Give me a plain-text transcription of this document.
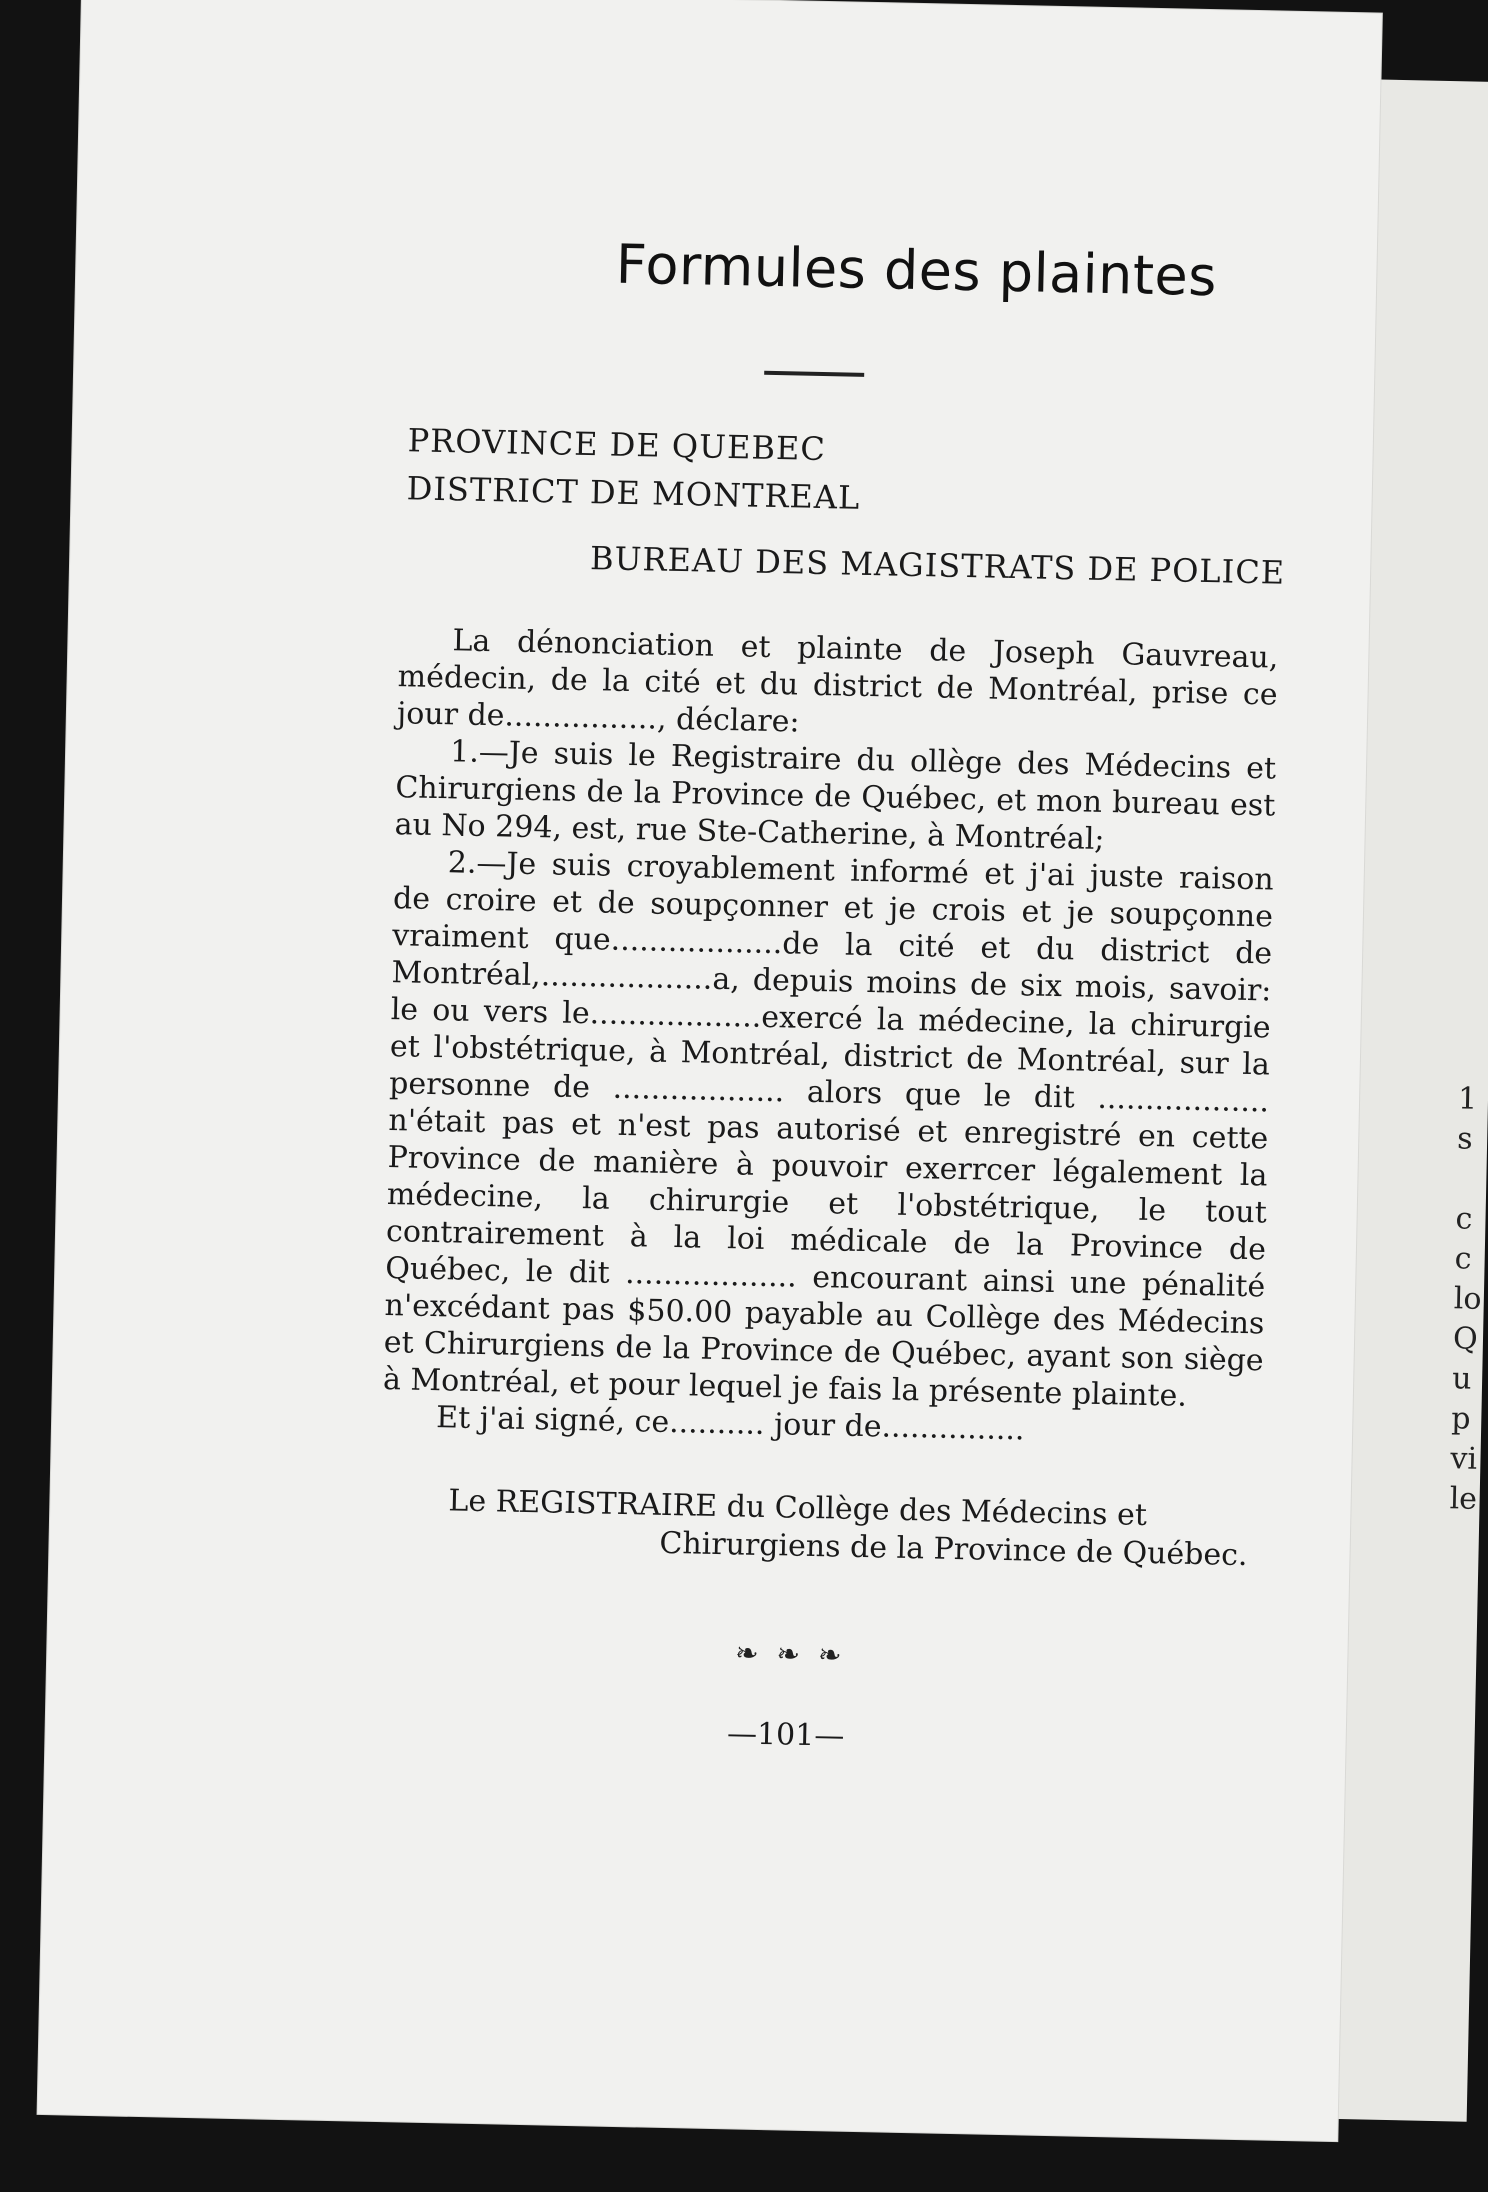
1
s
c
c
lo
Q
u
p
vi
le
Formules des plaintes
PROVINCE DE QUEBEC
DISTRICT DE MONTREAL
BUREAU DES MAGISTRATS DE POLICE

La dénonciation et plainte de Joseph Gauvreau, médecin, de la cité et du district de Montréal, prise ce jour de................, déclare:

1.—Je suis le Registraire du ollège des Médecins et Chirurgiens de la Province de Québec, et mon bureau est au No 294, est, rue Ste-Catherine, à Montréal;

2.—Je suis croyablement informé et j'ai juste raison de croire et de soupçonner et je crois et je soupçonne vraiment que..................de la cité et du district de Montréal,..................a, depuis moins de six mois, savoir: le ou vers le..................exercé la médecine, la chirurgie et l'obstétrique, à Montréal, district de Montréal, sur la personne de .................. alors que le dit .................. n'était pas et n'est pas autorisé et enregistré en cette Province de manière à pouvoir exerrcer légalement la médecine, la chirurgie et l'obstétrique, le tout contrairement à la loi médicale de la Province de Québec, le dit .................. encourant ainsi une pénalité n'excédant pas $50.00 payable au Collège des Médecins et Chirurgiens de la Province de Québec, ayant son siège à Montréal, et pour lequel je fais la présente plainte.

Et j'ai signé, ce.......... jour de...............

Le REGISTRAIRE du Collège des Médecins et
Chirurgiens de la Province de Québec.
❧❧❧
—101—
